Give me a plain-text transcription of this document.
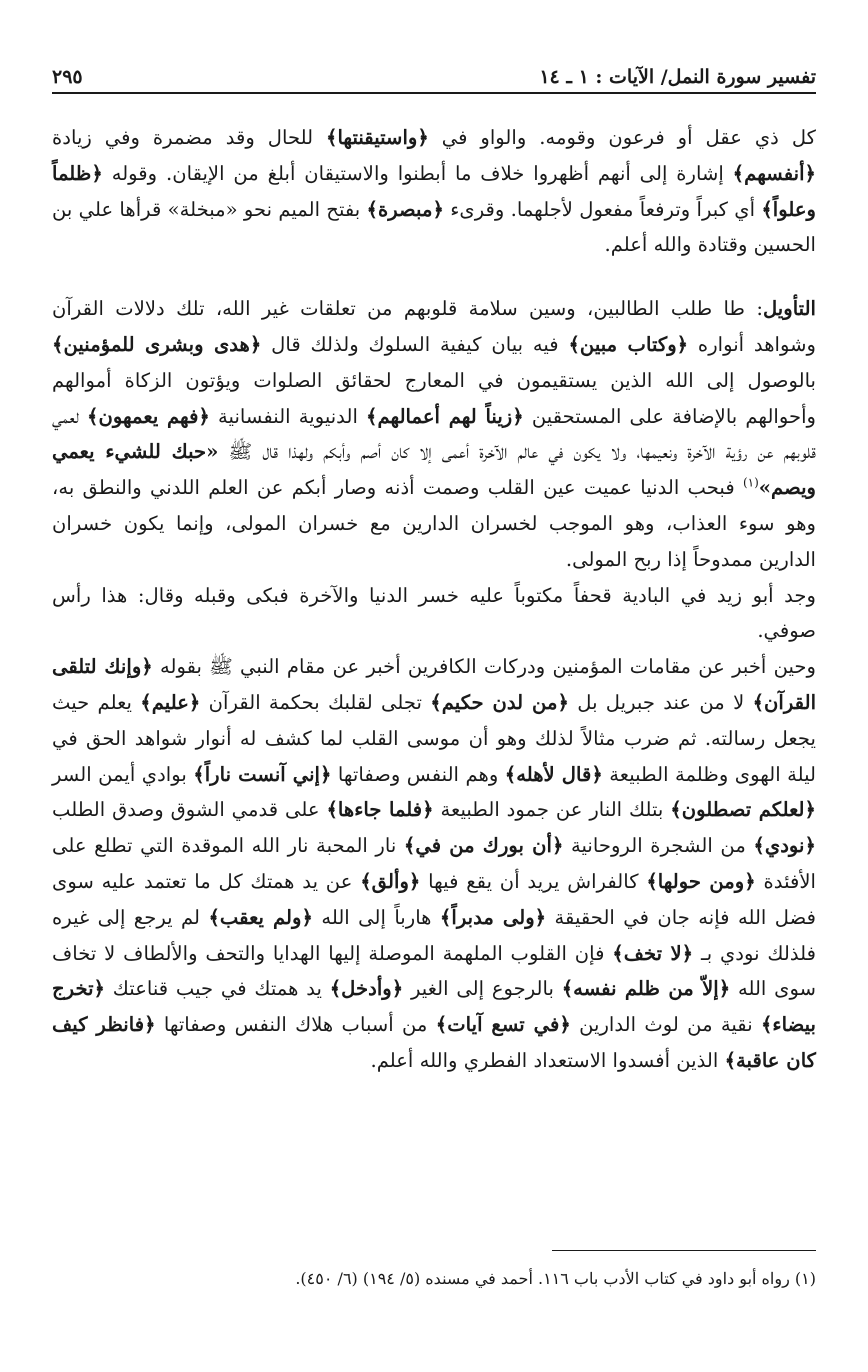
تفسير سورة النمل/ الآيات : ١ ـ ١٤
٢٩٥

كل ذي عقل أو فرعون وقومه. والواو في ﴿واستيقنتها﴾ للحال وقد مضمرة وفي زيادة ﴿أنفسهم﴾ إشارة إلى أنهم أظهروا خلاف ما أبطنوا والاستيقان أبلغ من الإيقان. وقوله ﴿ظلماً وعلواً﴾ أي كبراً وترفعاً مفعول لأجلهما. وقرىء ﴿مبصرة﴾ بفتح الميم نحو «مبخلة» قرأها علي بن الحسين وقتادة والله أعلم.

التأويل: طا طلب الطالبين، وسين سلامة قلوبهم من تعلقات غير الله، تلك دلالات القرآن وشواهد أنواره ﴿وكتاب مبين﴾ فيه بيان كيفية السلوك ولذلك قال ﴿هدى وبشرى للمؤمنين﴾ بالوصول إلى الله الذين يستقيمون في المعارج لحقائق الصلوات ويؤتون الزكاة أموالهم وأحوالهم بالإضافة على المستحقين ﴿زيناً لهم أعمالهم﴾ الدنيوية النفسانية ﴿فهم يعمهون﴾ لعمي قلوبهم عن رؤية الآخرة ونعيمها، ولا يكون في عالم الآخرة أعمى إلا كان أصم وأبكم ولهذا قال ﷺ «حبك للشيء يعمي ويصم»$^{(١)}$ فبحب الدنيا عميت عين القلب وصمت أذنه وصار أبكم عن العلم اللدني والنطق به، وهو سوء العذاب، وهو الموجب لخسران الدارين مع خسران المولى، وإنما يكون خسران الدارين ممدوحاً إذا ربح المولى.

وجد أبو زيد في البادية قحفاً مكتوباً عليه خسر الدنيا والآخرة فبكى وقبله وقال: هذا رأس صوفي.

وحين أخبر عن مقامات المؤمنين ودركات الكافرين أخبر عن مقام النبي ﷺ بقوله ﴿وإنك لتلقى القرآن﴾ لا من عند جبريل بل ﴿من لدن حكيم﴾ تجلى لقلبك بحكمة القرآن ﴿عليم﴾ يعلم حيث يجعل رسالته. ثم ضرب مثالاً لذلك وهو أن موسى القلب لما كشف له أنوار شواهد الحق في ليلة الهوى وظلمة الطبيعة ﴿قال لأهله﴾ وهم النفس وصفاتها ﴿إني آنست ناراً﴾ بوادي أيمن السر ﴿لعلكم تصطلون﴾ بتلك النار عن جمود الطبيعة ﴿فلما جاءها﴾ على قدمي الشوق وصدق الطلب ﴿نودي﴾ من الشجرة الروحانية ﴿أن بورك من في﴾ نار المحبة نار الله الموقدة التي تطلع على الأفئدة ﴿ومن حولها﴾ كالفراش يريد أن يقع فيها ﴿وألق﴾ عن يد همتك كل ما تعتمد عليه سوى فضل الله فإنه جان في الحقيقة ﴿ولى مدبراً﴾ هارباً إلى الله ﴿ولم يعقب﴾ لم يرجع إلى غيره فلذلك نودي بـ ﴿لا تخف﴾ فإن القلوب الملهمة الموصلة إليها الهدايا والتحف والألطاف لا تخاف سوى الله ﴿إلاّ من ظلم نفسه﴾ بالرجوع إلى الغير ﴿وأدخل﴾ يد همتك في جيب قناعتك ﴿تخرج بيضاء﴾ نقية من لوث الدارين ﴿في تسع آيات﴾ من أسباب هلاك النفس وصفاتها ﴿فانظر كيف كان عاقبة﴾ الذين أفسدوا الاستعداد الفطري والله أعلم.

(١) رواه أبو داود في كتاب الأدب باب ١١٦. أحمد في مسنده (٥/ ١٩٤) (٦/ ٤٥٠).
